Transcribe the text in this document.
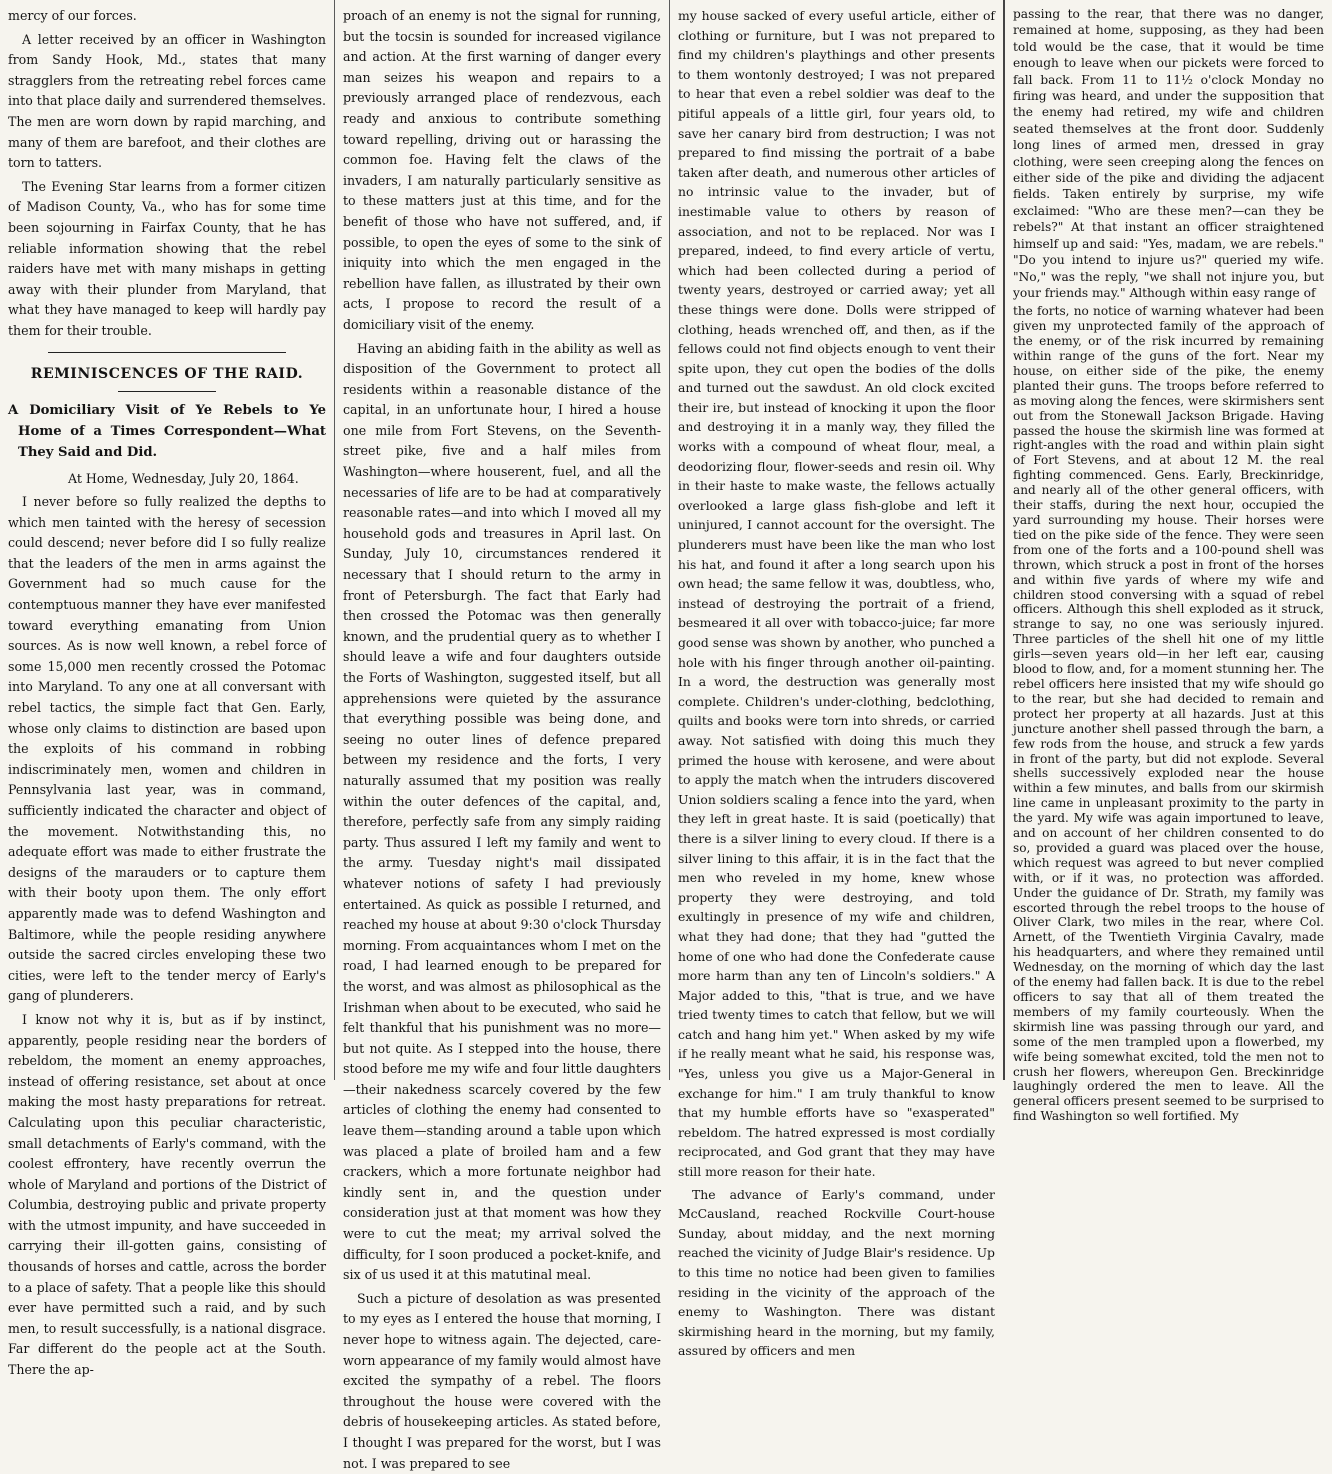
mercy of our forces.

A letter received by an officer in Washington from Sandy Hook, Md., states that many stragglers from the retreating rebel forces came into that place daily and surrendered themselves. The men are worn down by rapid marching, and many of them are barefoot, and their clothes are torn to tatters.

The Evening Star learns from a former citizen of Madison County, Va., who has for some time been sojourning in Fairfax County, that he has reliable information showing that the rebel raiders have met with many mishaps in getting away with their plunder from Maryland, that what they have managed to keep will hardly pay them for their trouble.

REMINISCENCES OF THE RAID.
A Domiciliary Visit of Ye Rebels to Ye Home of a Times Correspondent—What They Said and Did.

At Home, Wednesday, July 20, 1864.

I never before so fully realized the depths to which men tainted with the heresy of secession could descend; never before did I so fully realize that the leaders of the men in arms against the Government had so much cause for the contemptuous manner they have ever manifested toward everything emanating from Union sources. As is now well known, a rebel force of some 15,000 men recently crossed the Potomac into Maryland. To any one at all conversant with rebel tactics, the simple fact that Gen. Early, whose only claims to distinction are based upon the exploits of his command in robbing indiscriminately men, women and children in Pennsylvania last year, was in command, sufficiently indicated the character and object of the movement. Notwithstanding this, no adequate effort was made to either frustrate the designs of the marauders or to capture them with their booty upon them. The only effort apparently made was to defend Washington and Baltimore, while the people residing anywhere outside the sacred circles enveloping these two cities, were left to the tender mercy of Early's gang of plunderers.

I know not why it is, but as if by instinct, apparently, people residing near the borders of rebeldom, the moment an enemy approaches, instead of offering resistance, set about at once making the most hasty preparations for retreat. Calculating upon this peculiar characteristic, small detachments of Early's command, with the coolest effrontery, have recently overrun the whole of Maryland and portions of the District of Columbia, destroying public and private property with the utmost impunity, and have succeeded in carrying their ill-gotten gains, consisting of thousands of horses and cattle, across the border to a place of safety. That a people like this should ever have permitted such a raid, and by such men, to result successfully, is a national disgrace. Far different do the people act at the South. There the ap-

proach of an enemy is not the signal for running, but the tocsin is sounded for increased vigilance and action. At the first warning of danger every man seizes his weapon and repairs to a previously arranged place of rendezvous, each ready and anxious to contribute something toward repelling, driving out or harassing the common foe. Having felt the claws of the invaders, I am naturally particularly sensitive as to these matters just at this time, and for the benefit of those who have not suffered, and, if possible, to open the eyes of some to the sink of iniquity into which the men engaged in the rebellion have fallen, as illustrated by their own acts, I propose to record the result of a domiciliary visit of the enemy.

Having an abiding faith in the ability as well as disposition of the Government to protect all residents within a reasonable distance of the capital, in an unfortunate hour, I hired a house one mile from Fort Stevens, on the Seventh-street pike, five and a half miles from Washington—where houserent, fuel, and all the necessaries of life are to be had at comparatively reasonable rates—and into which I moved all my household gods and treasures in April last. On Sunday, July 10, circumstances rendered it necessary that I should return to the army in front of Petersburgh. The fact that Early had then crossed the Potomac was then generally known, and the prudential query as to whether I should leave a wife and four daughters outside the Forts of Washington, suggested itself, but all apprehensions were quieted by the assurance that everything possible was being done, and seeing no outer lines of defence prepared between my residence and the forts, I very naturally assumed that my position was really within the outer defences of the capital, and, therefore, perfectly safe from any simply raiding party. Thus assured I left my family and went to the army. Tuesday night's mail dissipated whatever notions of safety I had previously entertained. As quick as possible I returned, and reached my house at about 9:30 o'clock Thursday morning. From acquaintances whom I met on the road, I had learned enough to be prepared for the worst, and was almost as philosophical as the Irishman when about to be executed, who said he felt thankful that his punishment was no more—but not quite. As I stepped into the house, there stood before me my wife and four little daughters—their nakedness scarcely covered by the few articles of clothing the enemy had consented to leave them—standing around a table upon which was placed a plate of broiled ham and a few crackers, which a more fortunate neighbor had kindly sent in, and the question under consideration just at that moment was how they were to cut the meat; my arrival solved the difficulty, for I soon produced a pocket-knife, and six of us used it at this matutinal meal.

Such a picture of desolation as was presented to my eyes as I entered the house that morning, I never hope to witness again. The dejected, care-worn appearance of my family would almost have excited the sympathy of a rebel. The floors throughout the house were covered with the debris of housekeeping articles. As stated before, I thought I was prepared for the worst, but I was not. I was prepared to see

my house sacked of every useful article, either of clothing or furniture, but I was not prepared to find my children's playthings and other presents to them wontonly destroyed; I was not prepared to hear that even a rebel soldier was deaf to the pitiful appeals of a little girl, four years old, to save her canary bird from destruction; I was not prepared to find missing the portrait of a babe taken after death, and numerous other articles of no intrinsic value to the invader, but of inestimable value to others by reason of association, and not to be replaced. Nor was I prepared, indeed, to find every article of vertu, which had been collected during a period of twenty years, destroyed or carried away; yet all these things were done. Dolls were stripped of clothing, heads wrenched off, and then, as if the fellows could not find objects enough to vent their spite upon, they cut open the bodies of the dolls and turned out the sawdust. An old clock excited their ire, but instead of knocking it upon the floor and destroying it in a manly way, they filled the works with a compound of wheat flour, meal, a deodorizing flour, flower-seeds and resin oil. Why in their haste to make waste, the fellows actually overlooked a large glass fish-globe and left it uninjured, I cannot account for the oversight. The plunderers must have been like the man who lost his hat, and found it after a long search upon his own head; the same fellow it was, doubtless, who, instead of destroying the portrait of a friend, besmeared it all over with tobacco-juice; far more good sense was shown by another, who punched a hole with his finger through another oil-painting. In a word, the destruction was generally most complete. Children's under-clothing, bedclothing, quilts and books were torn into shreds, or carried away. Not satisfied with doing this much they primed the house with kerosene, and were about to apply the match when the intruders discovered Union soldiers scaling a fence into the yard, when they left in great haste. It is said (poetically) that there is a silver lining to every cloud. If there is a silver lining to this affair, it is in the fact that the men who reveled in my home, knew whose property they were destroying, and told exultingly in presence of my wife and children, what they had done; that they had "gutted the home of one who had done the Confederate cause more harm than any ten of Lincoln's soldiers." A Major added to this, "that is true, and we have tried twenty times to catch that fellow, but we will catch and hang him yet." When asked by my wife if he really meant what he said, his response was, "Yes, unless you give us a Major-General in exchange for him." I am truly thankful to know that my humble efforts have so "exasperated" rebeldom. The hatred expressed is most cordially reciprocated, and God grant that they may have still more reason for their hate.

The advance of Early's command, under McCausland, reached Rockville Court-house Sunday, about midday, and the next morning reached the vicinity of Judge Blair's residence. Up to this time no notice had been given to families residing in the vicinity of the approach of the enemy to Washington. There was distant skirmishing heard in the morning, but my family, assured by officers and men

passing to the rear, that there was no danger, remained at home, supposing, as they had been told would be the case, that it would be time enough to leave when our pickets were forced to fall back. From 11 to 11½ o'clock Monday no firing was heard, and under the supposition that the enemy had retired, my wife and children seated themselves at the front door. Suddenly long lines of armed men, dressed in gray clothing, were seen creeping along the fences on either side of the pike and dividing the adjacent fields. Taken entirely by surprise, my wife exclaimed: "Who are these men?—can they be rebels?" At that instant an officer straightened himself up and said: "Yes, madam, we are rebels." "Do you intend to injure us?" queried my wife. "No," was the reply, "we shall not injure you, but your friends may." Although within easy range of

the forts, no notice of warning whatever had been given my unprotected family of the approach of the enemy, or of the risk incurred by remaining within range of the guns of the fort. Near my house, on either side of the pike, the enemy planted their guns. The troops before referred to as moving along the fences, were skirmishers sent out from the Stonewall Jackson Brigade. Having passed the house the skirmish line was formed at right-angles with the road and within plain sight of Fort Stevens, and at about 12 M. the real fighting commenced. Gens. Early, Breckinridge, and nearly all of the other general officers, with their staffs, during the next hour, occupied the yard surrounding my house. Their horses were tied on the pike side of the fence. They were seen from one of the forts and a 100-pound shell was thrown, which struck a post in front of the horses and within five yards of where my wife and children stood conversing with a squad of rebel officers. Although this shell exploded as it struck, strange to say, no one was seriously injured. Three particles of the shell hit one of my little girls—seven years old—in her left ear, causing blood to flow, and, for a moment stunning her. The rebel officers here insisted that my wife should go to the rear, but she had decided to remain and protect her property at all hazards. Just at this juncture another shell passed through the barn, a few rods from the house, and struck a few yards in front of the party, but did not explode. Several shells successively exploded near the house within a few minutes, and balls from our skirmish line came in unpleasant proximity to the party in the yard. My wife was again importuned to leave, and on account of her children consented to do so, provided a guard was placed over the house, which request was agreed to but never complied with, or if it was, no protection was afforded. Under the guidance of Dr. Strath, my family was escorted through the rebel troops to the house of Oliver Clark, two miles in the rear, where Col. Arnett, of the Twentieth Virginia Cavalry, made his headquarters, and where they remained until Wednesday, on the morning of which day the last of the enemy had fallen back. It is due to the rebel officers to say that all of them treated the members of my family courteously. When the skirmish line was passing through our yard, and some of the men trampled upon a flowerbed, my wife being somewhat excited, told the men not to crush her flowers, whereupon Gen. Breckinridge laughingly ordered the men to leave. All the general officers present seemed to be surprised to find Washington so well fortified. My
